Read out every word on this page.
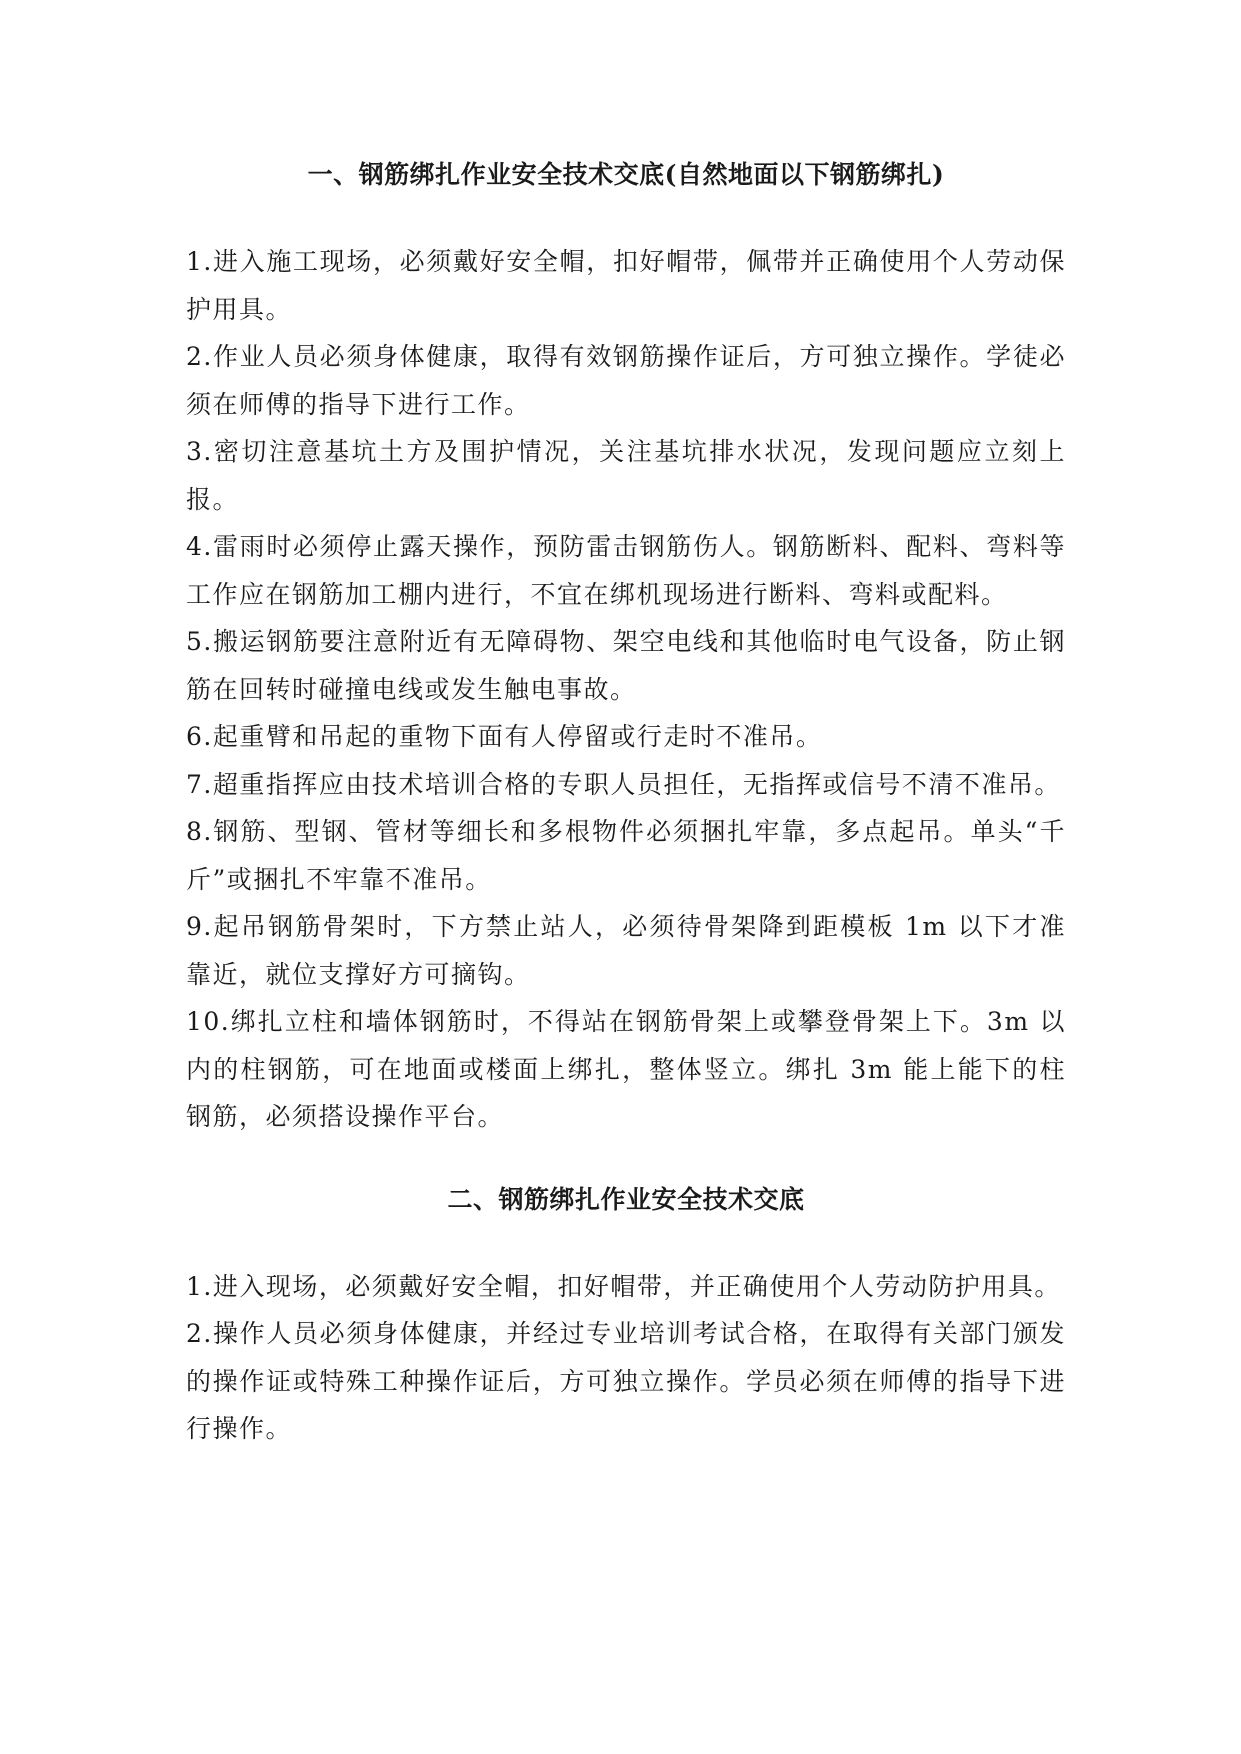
一、钢筋绑扎作业安全技术交底(自然地面以下钢筋绑扎)

1.进入施工现场，必须戴好安全帽，扣好帽带，佩带并正确使用个人劳动保护用具。

2.作业人员必须身体健康，取得有效钢筋操作证后，方可独立操作。学徒必须在师傅的指导下进行工作。

3.密切注意基坑土方及围护情况，关注基坑排水状况，发现问题应立刻上报。

4.雷雨时必须停止露天操作，预防雷击钢筋伤人。钢筋断料、配料、弯料等工作应在钢筋加工棚内进行，不宜在绑机现场进行断料、弯料或配料。

5.搬运钢筋要注意附近有无障碍物、架空电线和其他临时电气设备，防止钢筋在回转时碰撞电线或发生触电事故。

6.起重臂和吊起的重物下面有人停留或行走时不准吊。

7.超重指挥应由技术培训合格的专职人员担任，无指挥或信号不清不准吊。

8.钢筋、型钢、管材等细长和多根物件必须捆扎牢靠，多点起吊。单头“千斤”或捆扎不牢靠不准吊。

9.起吊钢筋骨架时，下方禁止站人，必须待骨架降到距模板 1m 以下才准靠近，就位支撑好方可摘钩。

10.绑扎立柱和墙体钢筋时，不得站在钢筋骨架上或攀登骨架上下。3m 以内的柱钢筋，可在地面或楼面上绑扎，整体竖立。绑扎 3m 能上能下的柱钢筋，必须搭设操作平台。

二、钢筋绑扎作业安全技术交底

1.进入现场，必须戴好安全帽，扣好帽带，并正确使用个人劳动防护用具。

2.操作人员必须身体健康，并经过专业培训考试合格，在取得有关部门颁发的操作证或特殊工种操作证后，方可独立操作。学员必须在师傅的指导下进行操作。
